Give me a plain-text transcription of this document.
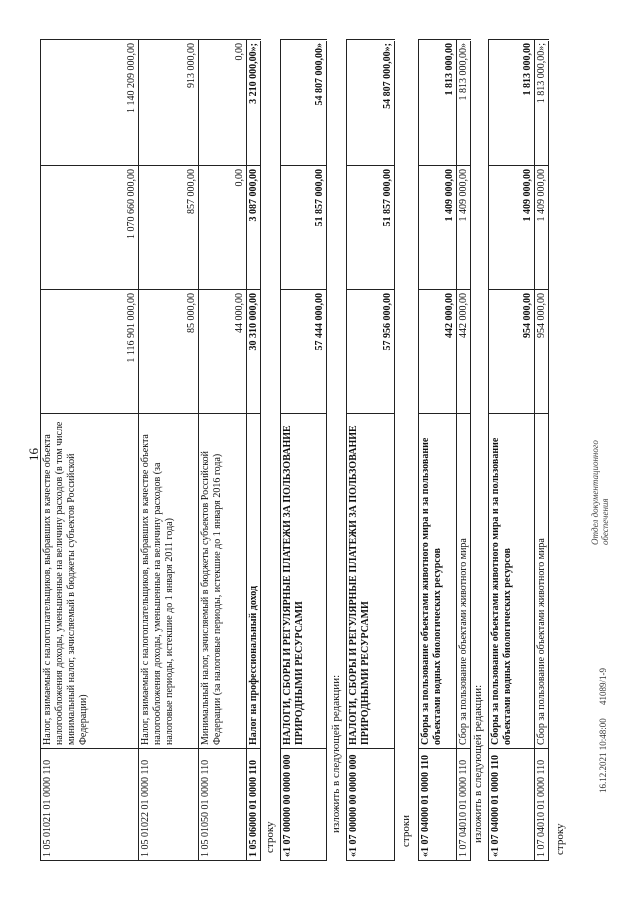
16
1 05 01021 01 0000 110
Налог, взимаемый с налогоплательщиков, выбравших в качестве объекта налогообложения доходы, уменьшенные на величину расходов (в том числе минимальный налог, зачисляемый в бюджеты субъектов Российской Федерации)
1 116 901 000,00
1 070 660 000,00
1 140 209 000,00
1 05 01022 01 0000 110
Налог, взимаемый с налогоплательщиков, выбравших в качестве объекта налогообложения доходы, уменьшенные на величину расходов (за налоговые периоды, истекшие до 1 января 2011 года)
85 000,00
857 000,00
913 000,00
1 05 01050 01 0000 110
Минимальный налог, зачисляемый в бюджеты субъектов Российской Федерации (за налоговые периоды, истекшие до 1 января 2016 года)
44 000,00
0,00
0,00
1 05 06000 01 0000 110
Налог на профессиональный доход
30 310 000,00
3 087 000,00
3 210 000,00»;
строку «1 07 00000 00 0000 000
НАЛОГИ, СБОРЫ И РЕГУЛЯРНЫЕ ПЛАТЕЖИ ЗА ПОЛЬЗОВАНИЕ ПРИРОДНЫМИ РЕСУРСАМИ
57 444 000,00
51 857 000,00
54 807 000,00»
изложить в следующей редакции: «1 07 00000 00 0000 000
НАЛОГИ, СБОРЫ И РЕГУЛЯРНЫЕ ПЛАТЕЖИ ЗА ПОЛЬЗОВАНИЕ ПРИРОДНЫМИ РЕСУРСАМИ
57 956 000,00
51 857 000,00
54 807 000,00»;
строки «1 07 04000 01 0000 110
Сборы за пользование объектами животного мира и за пользование объектами водных биологических ресурсов
442 000,00
1 409 000,00
1 813 000,00
1 07 04010 01 0000 110
Сбор за пользование объектами животного мира
442 000,00
1 409 000,00
1 813 000,00»
изложить в следующей редакции: «1 07 04000 01 0000 110
Сборы за пользование объектами животного мира и за пользование объектами водных биологических ресурсов
954 000,00
1 409 000,00
1 813 000,00
1 07 04010 01 0000 110
Сбор за пользование объектами животного мира
954 000,00
1 409 000,00
1 813 000,00»;
строку
16.12.2021 10:48:00
41089/1-9
Отдел документационного обеспечения
